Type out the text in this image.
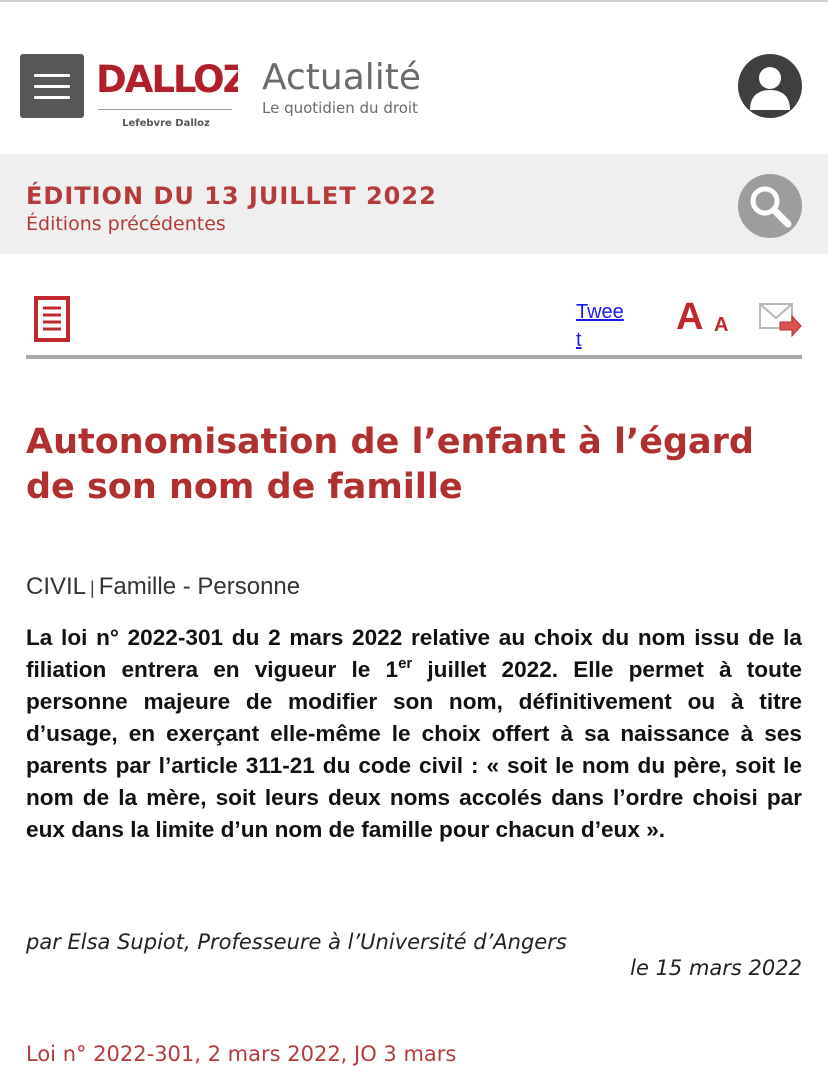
DALLOZ
Lefebvre Dalloz
Actualité
Le quotidien du droit
ÉDITION DU 13 JUILLET 2022
Éditions précédentes
Tweet
A A
Autonomisation de l’enfant à l’égard de son nom de famille
CIVIL | Famille - Personne

La loi n° 2022-301 du 2 mars 2022 relative au choix du nom issu de la filiation entrera en vigueur le 1er juillet 2022. Elle permet à toute personne majeure de modifier son nom, définitivement ou à titre d’usage, en exerçant elle-même le choix offert à sa naissance à ses parents par l’article 311-21 du code civil : « soit le nom du père, soit le nom de la mère, soit leurs deux noms accolés dans l’ordre choisi par eux dans la limite d’un nom de famille pour chacun d’eux ».

par Elsa Supiot, Professeure à l’Université d’Angers
le 15 mars 2022
Loi n° 2022-301, 2 mars 2022, JO 3 mars
